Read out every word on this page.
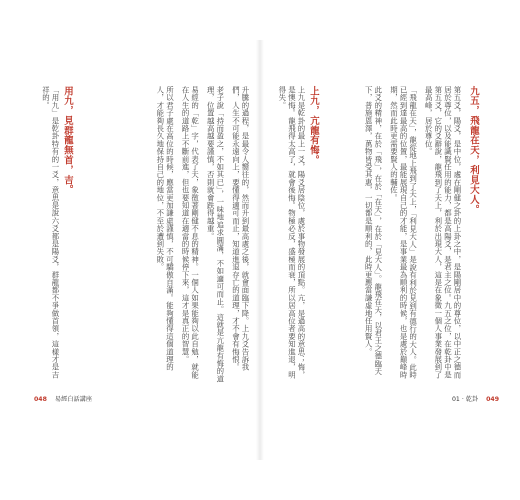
升騰的過程，是最令人嚮往的，然而升到最高處之後，就會面臨下降。上九爻告訴我們，人生不可能永遠向上，要懂得適可而止，知道進退存亡的道理，才不會有悔恨。

老子說「持而盈之，不如其已」，一味地追求圓滿，不如適可而止。這就是亢龍有悔的道理，位置越高越要謹慎，否則就會跌得越重。

易經的「乾」字，代表了天，象徵著剛健不息的精神。一個人如果能夠以此自勉，就能在人生的道路上不斷前進，但也要知道在適當的時候停下來，這才是真正的智慧。

所以君子處在高位的時候，應當更加謙虛謹慎，不可驕傲自滿。能夠懂得這個道理的人，才能夠長久地保持自己的地位，不至於遭到失敗。

用九，見群龍無首，吉。

「用九」是乾卦特有的一爻，意思是說六爻都是陽爻，群龍都不爭做首領，這樣才是吉祥的。

048 易經白話講座
九五，飛龍在天，利見大人。

第五爻，陽爻，是中位，處在剛健之卦的上卦之中，是陽剛居中的尊位，以中正之德而居於尊位，以及能識賢任用的能力，都是高陽爻，是君主之位。九五之位，在乾卦中是第五爻，它的爻辭說，龍飛到了天上，利於出現大人，這是在象徵一個人事業發展到了最高峰，居於尊位。

「飛龍在天」，龍從地上飛到了天上，「利見大人」是說有利於見到有德行的大人。此時已經到達最高的位置，最能展現自己的才能，是事業最為順利的時候，也是處於巔峰時期，然而此時更需要賢人的輔佐。

此爻的精神，在於「飛」，在於「在天」，在於「見大人」。龍飛在天，以君王之德臨天下，普施恩澤，萬物皆受其惠，一切都是順利的，此時更應當謙虛地任用賢人。

上九，亢龍有悔。

上九是乾卦的最上一爻，陽爻居陰位，處於事物發展的頂點。亢，是過高的意思；悔，是懊悔。龍飛得太高了，就會後悔。物極必反，盛極而衰，所以居高位者要知進退，明得失。

01 · 乾卦 049
